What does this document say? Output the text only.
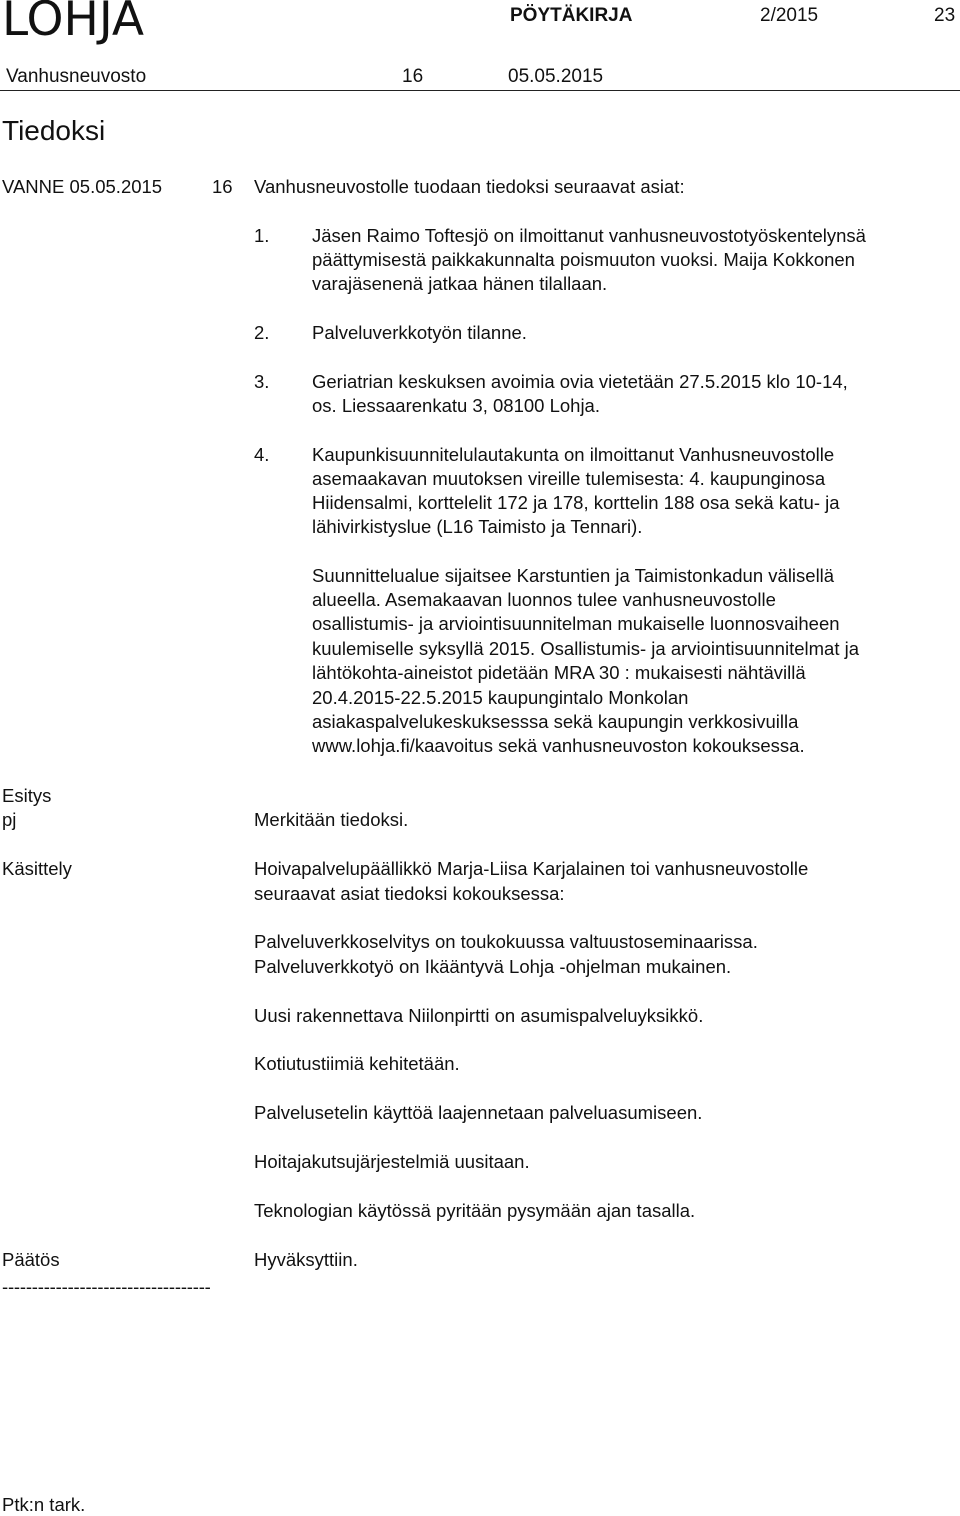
LOHJA	PÖYTÄKIRJA	2/2015	23
Vanhusneuvosto	16	05.05.2015
Tiedoksi
VANNE 05.05.2015	16 Vanhusneuvostolle tuodaan tiedoksi seuraavat asiat:
1. Jäsen Raimo Toftesjö on ilmoittanut vanhusneuvostotyöskentelynsä
päättymisestä paikkakunnalta poismuuton vuoksi. Maija Kokkonen
varajäsenenä jatkaa hänen tilallaan.
2. Palveluverkkotyön tilanne.
3. Geriatrian keskuksen avoimia ovia vietetään 27.5.2015 klo 10-14,
os. Liessaarenkatu 3, 08100 Lohja.
4. Kaupunkisuunnitelulautakunta on ilmoittanut Vanhusneuvostolle
asemaakavan muutoksen vireille tulemisesta: 4. kaupunginosa
Hiidensalmi, korttelelit 172 ja 178, korttelin 188 osa sekä katu- ja
lähivirkistyslue (L16 Taimisto ja Tennari).
Suunnittelualue sijaitsee Karstuntien ja Taimistonkadun välisellä
alueella. Asemakaavan luonnos tulee vanhusneuvostolle
osallistumis- ja arviointisuunnitelman mukaiselle luonnosvaiheen
kuulemiselle syksyllä 2015. Osallistumis- ja arviointisuunnitelmat ja
lähtökohta-aineistot pidetään MRA 30 : mukaisesti nähtävillä
20.4.2015-22.5.2015 kaupungintalo Monkolan
asiakaspalvelukeskuksesssa sekä kaupungin verkkosivuilla
www.lohja.fi/kaavoitus sekä vanhusneuvoston kokouksessa.
Esitys
pj	Merkitään tiedoksi.
Käsittely	Hoivapalvelupäällikkö Marja-Liisa Karjalainen toi vanhusneuvostolle
seuraavat asiat tiedoksi kokouksessa:
Palveluverkkoselvitys on toukokuussa valtuustoseminaarissa.
Palveluverkkotyö on Ikääntyvä Lohja -ohjelman mukainen.
Uusi rakennettava Niilonpirtti on asumispalveluyksikkö.
Kotiutustiimiä kehitetään.
Palvelusetelin käyttöä laajennetaan palveluasumiseen.
Hoitajakutsujärjestelmiä uusitaan.
Teknologian käytössä pyritään pysymään ajan tasalla.
Päätös	Hyväksyttiin.
-----------------------------------
Ptk:n tark.
